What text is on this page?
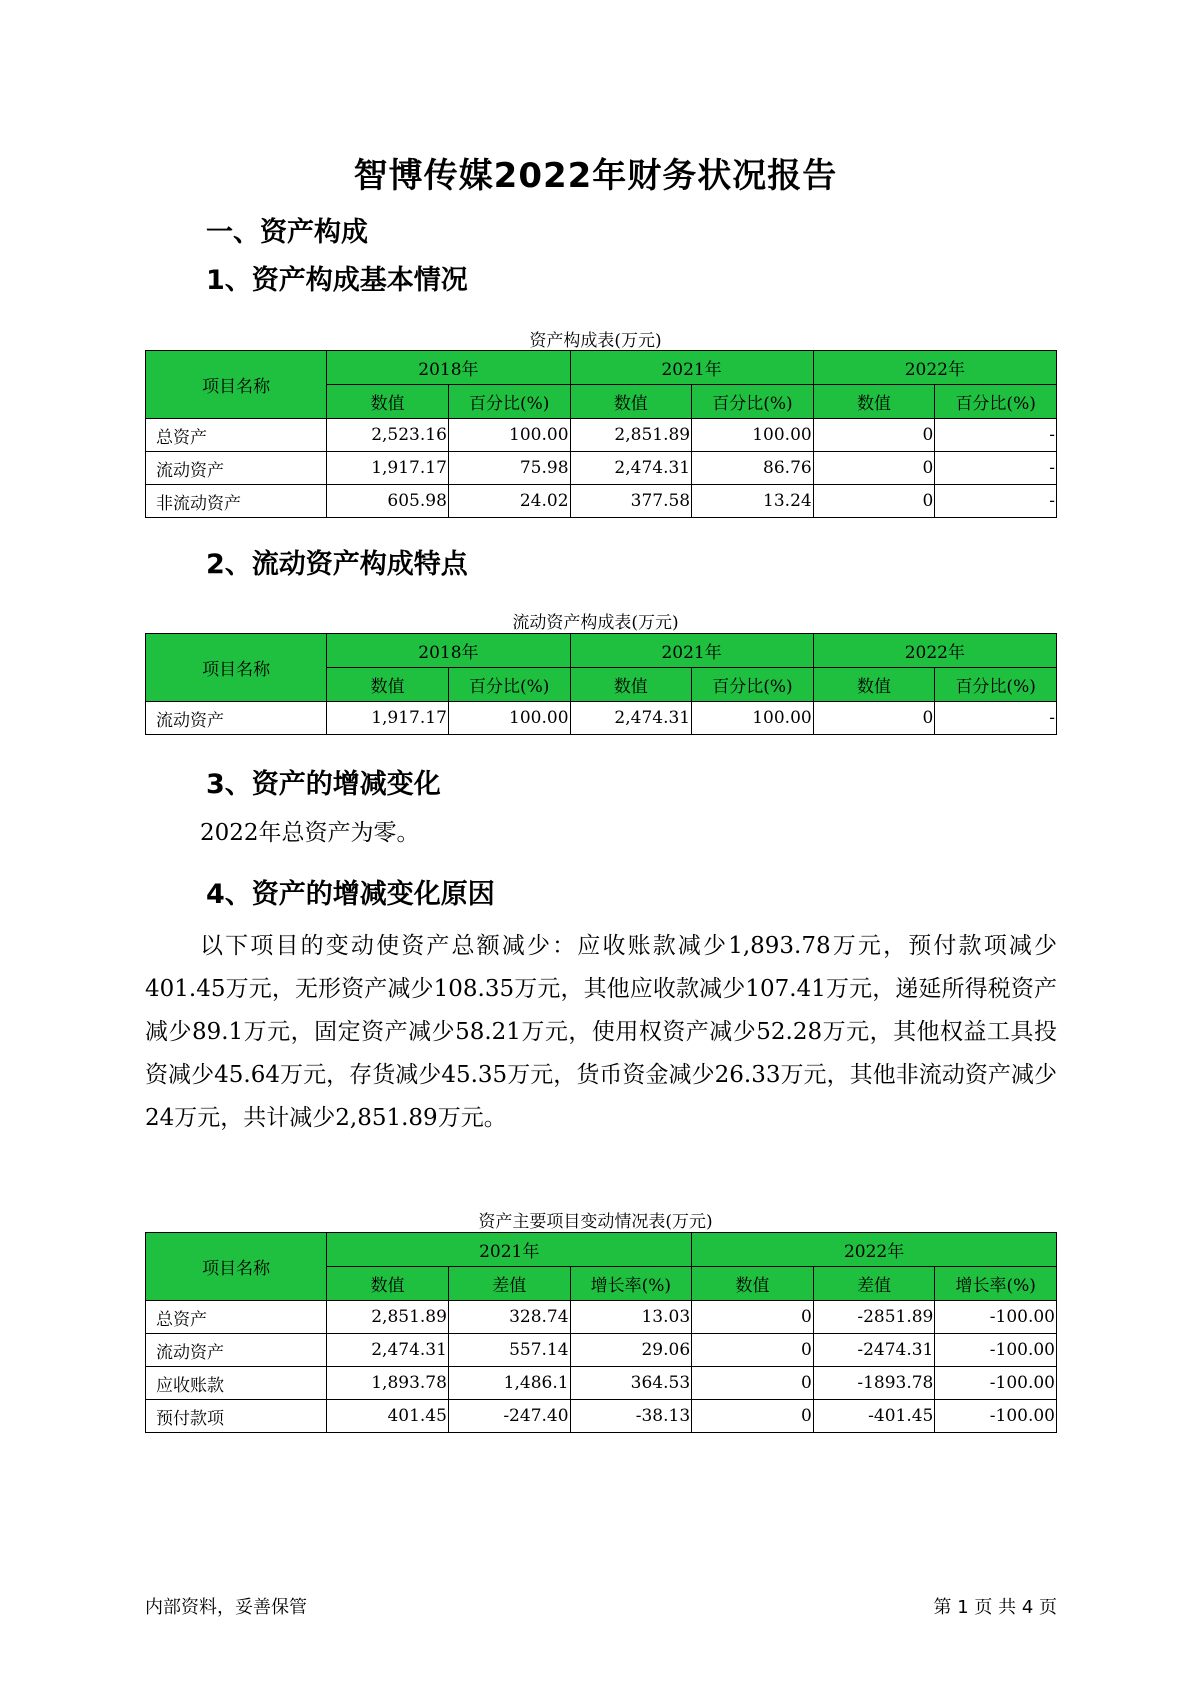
智博传媒2022年财务状况报告
一、资产构成
1、资产构成基本情况
资产构成表(万元)
项目名称	2018年		2021年		2022年	
	数值	百分比(%)	数值	百分比(%)	数值	百分比(%)
总资产	2,523.16	100.00	2,851.89	100.00	0	-
流动资产	1,917.17	75.98	2,474.31	86.76	0	-
非流动资产	605.98	24.02	377.58	13.24	0	-
2、流动资产构成特点
流动资产构成表(万元)
项目名称	2018年		2021年		2022年	
	数值	百分比(%)	数值	百分比(%)	数值	百分比(%)
流动资产	1,917.17	100.00	2,474.31	100.00	0	-
3、资产的增减变化
2022年总资产为零。
4、资产的增减变化原因
以下项目的变动使资产总额减少：应收账款减少1,893.78万元，预付款项减少401.45万元，无形资产减少108.35万元，其他应收款减少107.41万元，递延所得税资产减少89.1万元，固定资产减少58.21万元，使用权资产减少52.28万元，其他权益工具投资减少45.64万元，存货减少45.35万元，货币资金减少26.33万元，其他非流动资产减少24万元，共计减少2,851.89万元。
资产主要项目变动情况表(万元)
项目名称	2021年			2022年		
	数值	差值	增长率(%)	数值	差值	增长率(%)
总资产	2,851.89	328.74	13.03	0	-2851.89	-100.00
流动资产	2,474.31	557.14	29.06	0	-2474.31	-100.00
应收账款	1,893.78	1,486.1	364.53	0	-1893.78	-100.00
预付款项	401.45	-247.40	-38.13	0	-401.45	-100.00
内部资料，妥善保管	第 1 页 共 4 页
